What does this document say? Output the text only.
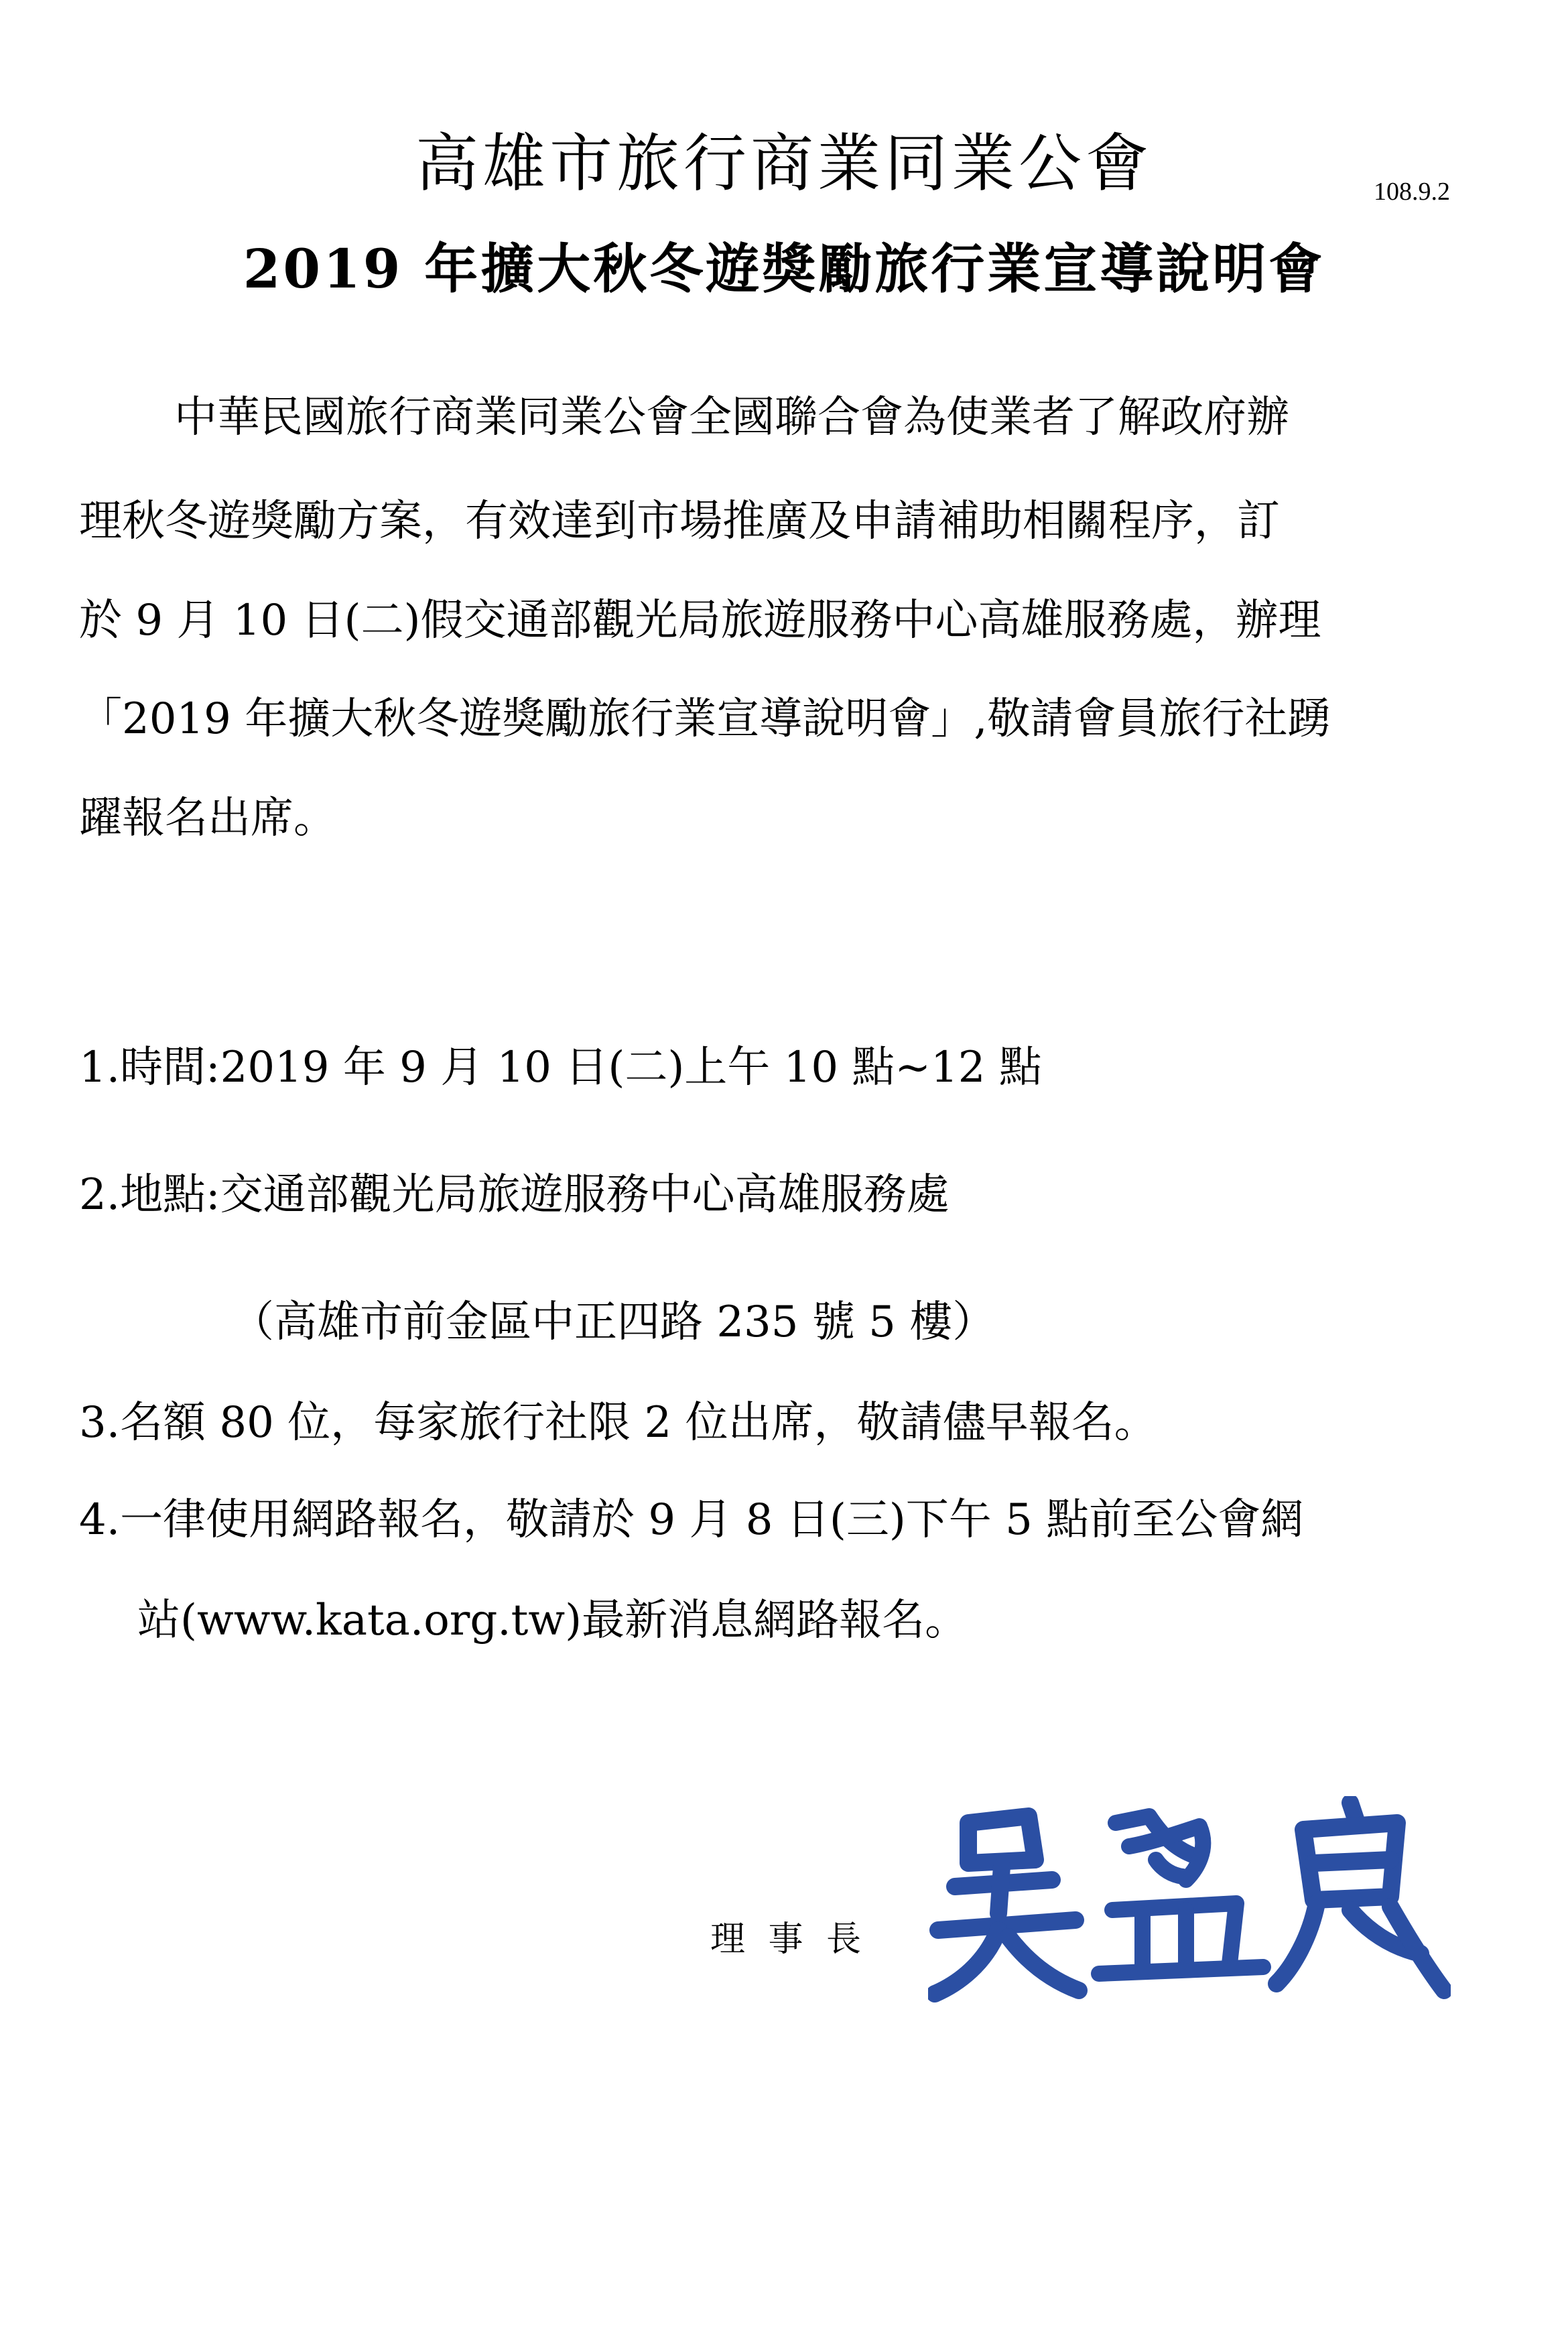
高雄市旅行商業同業公會	108.9.2
2019 年擴大秋冬遊獎勵旅行業宣導說明會
中華民國旅行商業同業公會全國聯合會為使業者了解政府辦
理秋冬遊獎勵方案，有效達到市場推廣及申請補助相關程序，訂
於 9 月 10 日(二)假交通部觀光局旅遊服務中心高雄服務處，辦理
「2019 年擴大秋冬遊獎勵旅行業宣導說明會」,敬請會員旅行社踴
躍報名出席。
1.時間:2019 年 9 月 10 日(二)上午 10 點~12 點
2.地點:交通部觀光局旅遊服務中心高雄服務處
（高雄市前金區中正四路 235 號 5 樓）
3.名額 80 位，每家旅行社限 2 位出席，敬請儘早報名。
4.一律使用網路報名，敬請於 9 月 8 日(三)下午 5 點前至公會網
站(www.kata.org.tw)最新消息網路報名。
理 事 長
